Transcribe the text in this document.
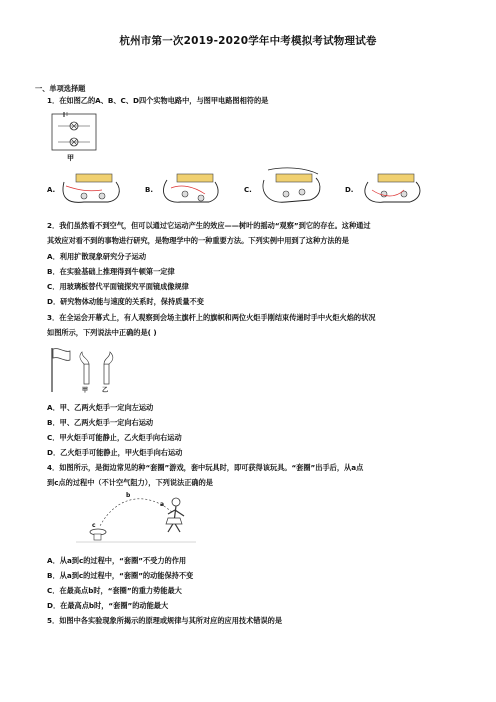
杭州市第一次2019-2020学年中考模拟考试物理试卷
一、单项选择题
1．在如图乙的A、B、C、D四个实物电路中，与图甲电路图相符的是
甲
A.	B.	C.	D.
2．我们虽然看不到空气，但可以通过它运动产生的效应——树叶的摇动“观察”到它的存在。这种通过
其效应对看不到的事物进行研究，是物理学中的一种重要方法。下列实例中用到了这种方法的是
A．利用扩散现象研究分子运动
B．在实验基础上推理得到牛顿第一定律
C．用玻璃板替代平面镜探究平面镜成像规律
D．研究物体动能与速度的关系时，保持质量不变
3．在全运会开幕式上，有人观察到会场主旗杆上的旗帜和两位火炬手刚结束传递时手中火炬火焰的状况
如图所示，下列说法中正确的是( )
甲 乙
A．甲、乙两火炬手一定向左运动
B．甲、乙两火炬手一定向右运动
C．甲火炬手可能静止，乙火炬手向右运动
D．乙火炬手可能静止，甲火炬手向右运动
4．如图所示，是街边常见的种“套圈”游戏，套中玩具时，即可获得该玩具。“套圈”出手后，从a点
到c点的过程中（不计空气阻力），下列说法正确的是
a
b
c
A．从a到c的过程中，“套圈”不受力的作用
B．从a到c的过程中，“套圈”的动能保持不变
C．在最高点b时，“套圈”的重力势能最大
D．在最高点b时，“套圈”的动能最大
5．如图中各实验现象所揭示的原理或规律与其所对应的应用技术错误的是
